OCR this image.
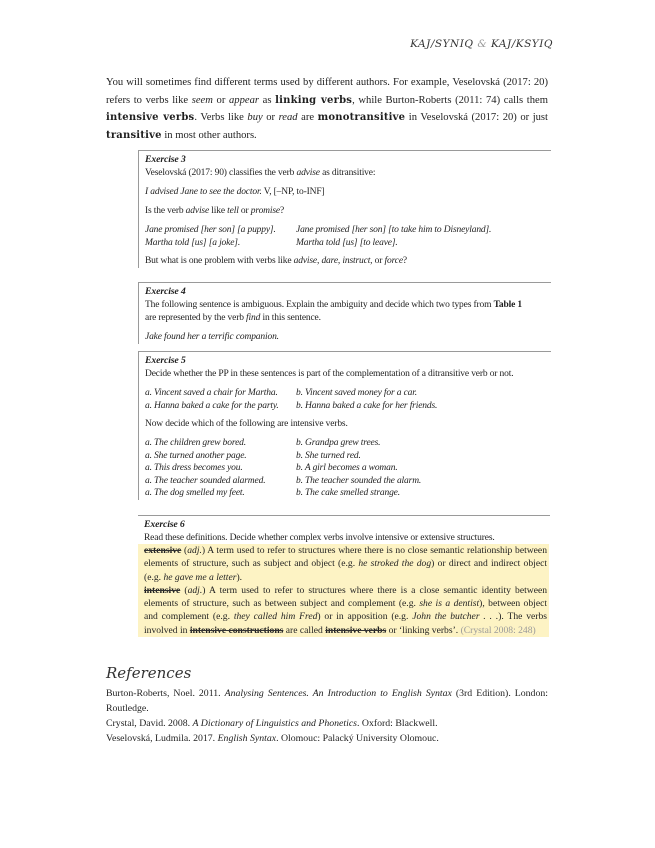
KAJ/SYNIQ & KAJ/KSYIQ
You will sometimes find different terms used by different authors. For example, Veselovská (2017: 20) refers to verbs like seem or appear as linking verbs, while Burton-Roberts (2011: 74) calls them intensive verbs. Verbs like buy or read are monotransitive in Veselovská (2017: 20) or just transitive in most other authors.
Exercise 3
Veselovská (2017: 90) classifies the verb advise as ditransitive:
I advised Jane to see the doctor. V, [–NP, to-INF]
Is the verb advise like tell or promise?
Jane promised [her son] [a puppy].
Martha told [us] [a joke].
Jane promised [her son] [to take him to Disneyland].
Martha told [us] [to leave].
But what is one problem with verbs like advise, dare, instruct, or force?
Exercise 4
The following sentence is ambiguous. Explain the ambiguity and decide which two types from Table 1
are represented by the verb find in this sentence.
Jake found her a terrific companion.
Exercise 5
Decide whether the PP in these sentences is part of the complementation of a ditransitive verb or not.
a. Vincent saved a chair for Martha.
a. Hanna baked a cake for the party.
b. Vincent saved money for a car.
b. Hanna baked a cake for her friends.
Now decide which of the following are intensive verbs.
a. The children grew bored.
a. She turned another page.
a. This dress becomes you.
a. The teacher sounded alarmed.
a. The dog smelled my feet.
b. Grandpa grew trees.
b. She turned red.
b. A girl becomes a woman.
b. The teacher sounded the alarm.
b. The cake smelled strange.
Exercise 6
Read these definitions. Decide whether complex verbs involve intensive or extensive structures.
extensive (adj.) A term used to refer to structures where there is no close semantic relationship between elements of structure, such as subject and object (e.g. he stroked the dog) or direct and indirect object (e.g. he gave me a letter).
intensive (adj.) A term used to refer to structures where there is a close semantic identity between elements of structure, such as between subject and complement (e.g. she is a dentist), between object and complement (e.g. they called him Fred) or in apposition (e.g. John the butcher . . .). The verbs involved in intensive constructions are called intensive verbs or ‘linking verbs’. (Crystal 2008: 248)
References
Burton-Roberts, Noel. 2011. Analysing Sentences. An Introduction to English Syntax (3rd Edition). London: Routledge.
Crystal, David. 2008. A Dictionary of Linguistics and Phonetics. Oxford: Blackwell.
Veselovská, Ludmila. 2017. English Syntax. Olomouc: Palacký University Olomouc.
